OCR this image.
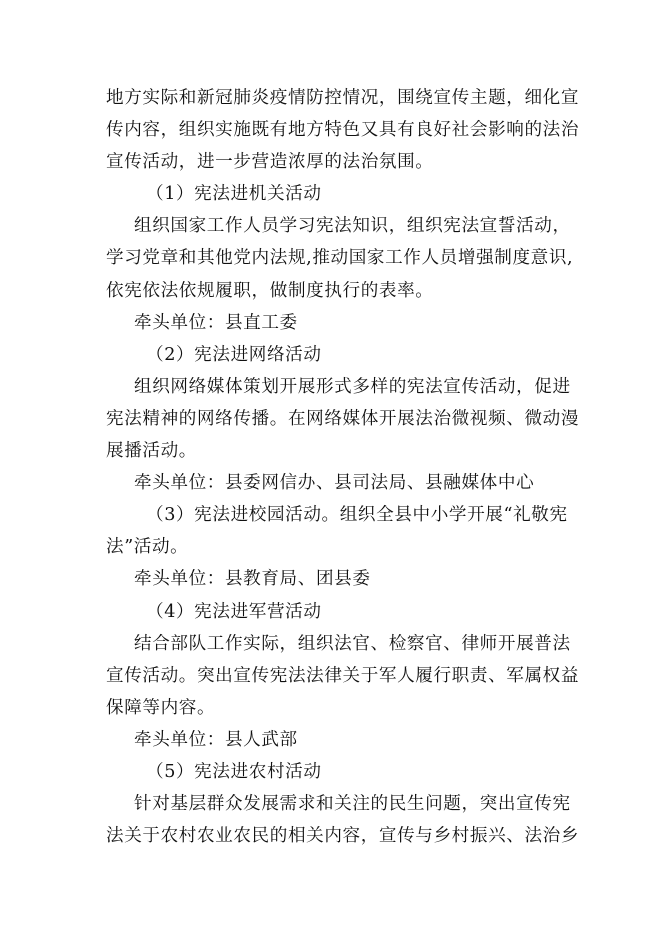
地方实际和新冠肺炎疫情防控情况，围绕宣传主题，细化宣
传内容，组织实施既有地方特色又具有良好社会影响的法治
宣传活动，进一步营造浓厚的法治氛围。
（1）宪法进机关活动
组织国家工作人员学习宪法知识，组织宪法宣誓活动，
学习党章和其他党内法规,推动国家工作人员增强制度意识,
依宪依法依规履职，做制度执行的表率。
牵头单位：县直工委
（2）宪法进网络活动
组织网络媒体策划开展形式多样的宪法宣传活动，促进
宪法精神的网络传播。在网络媒体开展法治微视频、微动漫
展播活动。
牵头单位：县委网信办、县司法局、县融媒体中心
（3）宪法进校园活动。组织全县中小学开展“礼敬宪
法”活动。
牵头单位：县教育局、团县委
（4）宪法进军营活动
结合部队工作实际，组织法官、检察官、律师开展普法
宣传活动。突出宣传宪法法律关于军人履行职责、军属权益
保障等内容。
牵头单位：县人武部
（5）宪法进农村活动
针对基层群众发展需求和关注的民生问题，突出宣传宪
法关于农村农业农民的相关内容，宣传与乡村振兴、法治乡
